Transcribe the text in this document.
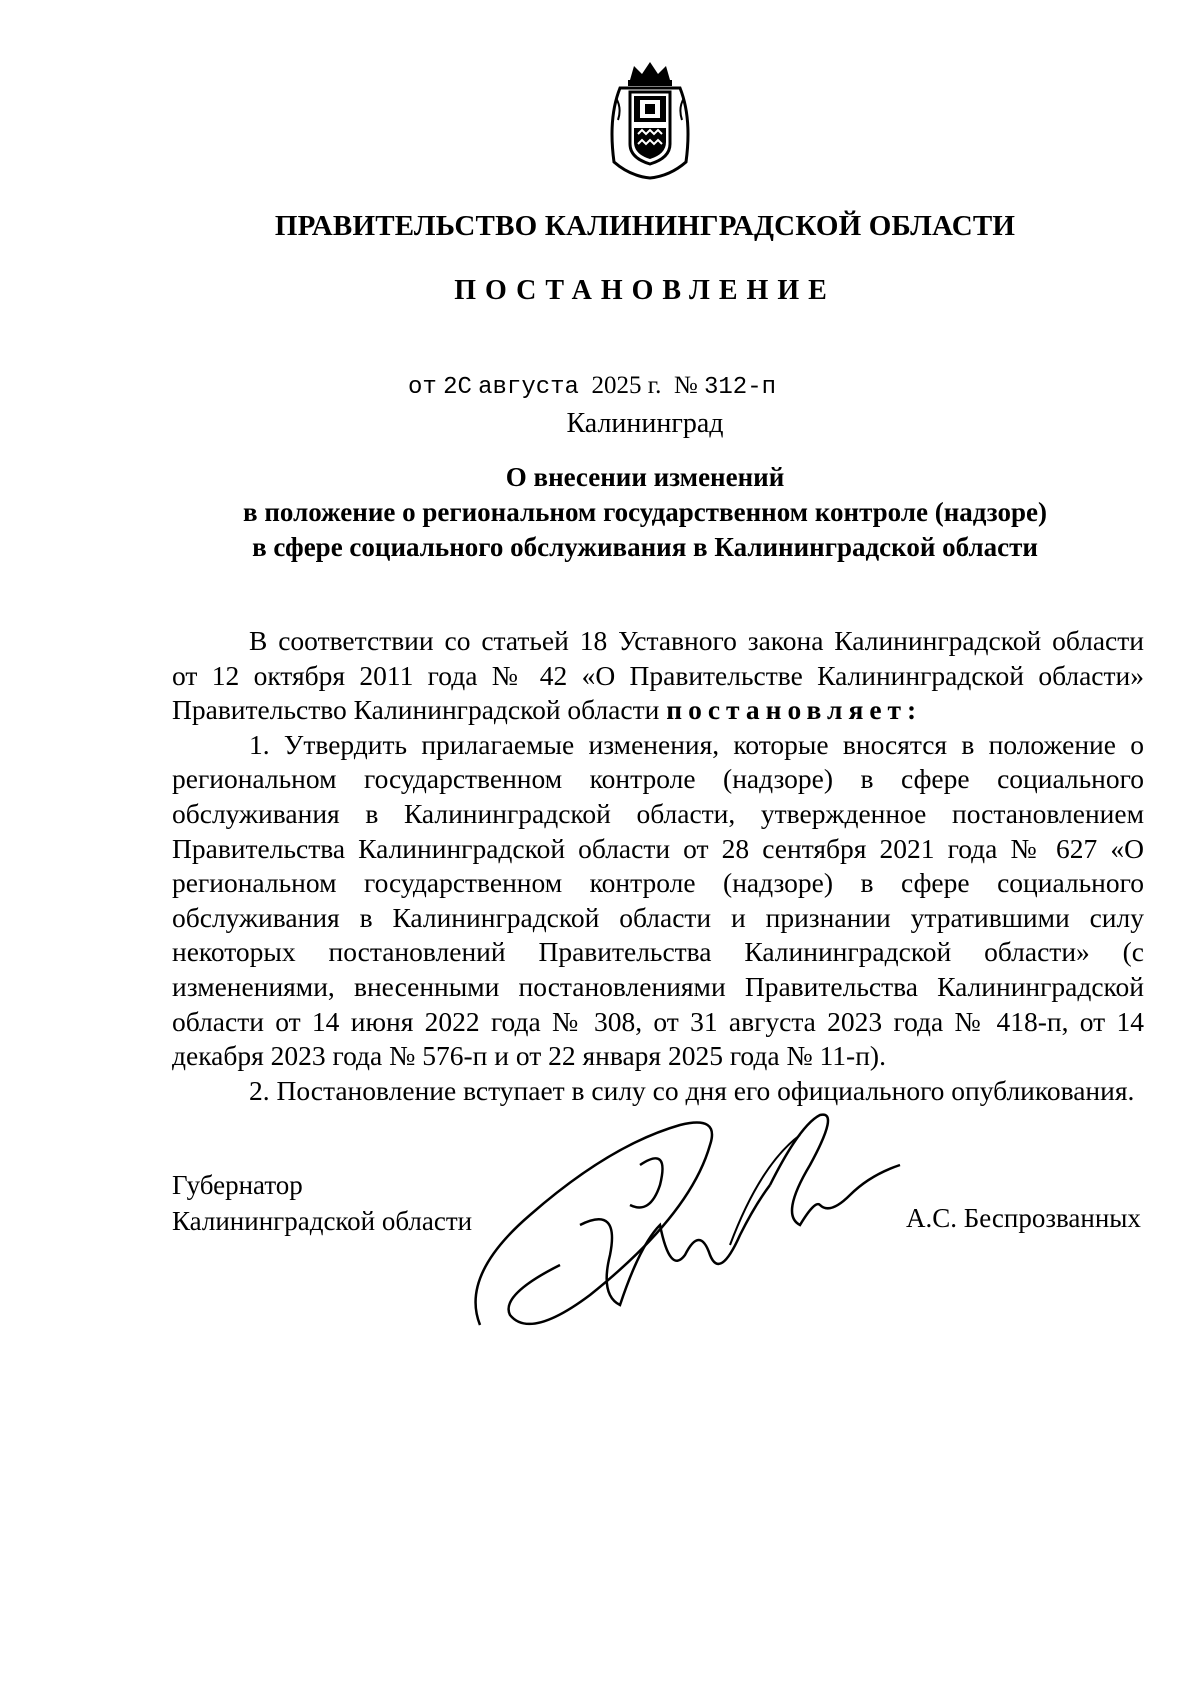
ПРАВИТЕЛЬСТВО КАЛИНИНГРАДСКОЙ ОБЛАСТИ
ПОСТАНОВЛЕНИЕ
от 2С августа 2025 г. № 312-п
Калининград
О внесении изменений
в положение о региональном государственном контроле (надзоре)
в сфере социального обслуживания в Калининградской области

В соответствии со статьей 18 Уставного закона Калининградской области от 12 октября 2011 года № 42 «О Правительстве Калининградской области» Правительство Калининградской области постановляет:

1. Утвердить прилагаемые изменения, которые вносятся в положение о региональном государственном контроле (надзоре) в сфере социального обслуживания в Калининградской области, утвержденное постановлением Правительства Калининградской области от 28 сентября 2021 года № 627 «О региональном государственном контроле (надзоре) в сфере социального обслуживания в Калининградской области и признании утратившими силу некоторых постановлений Правительства Калининградской области» (с изменениями, внесенными постановлениями Правительства Калининградской области от 14 июня 2022 года № 308, от 31 августа 2023 года № 418-п, от 14 декабря 2023 года № 576-п и от 22 января 2025 года № 11-п).

2. Постановление вступает в силу со дня его официального опубликования.

Губернатор
Калининградской области	А.С. Беспрозванных
